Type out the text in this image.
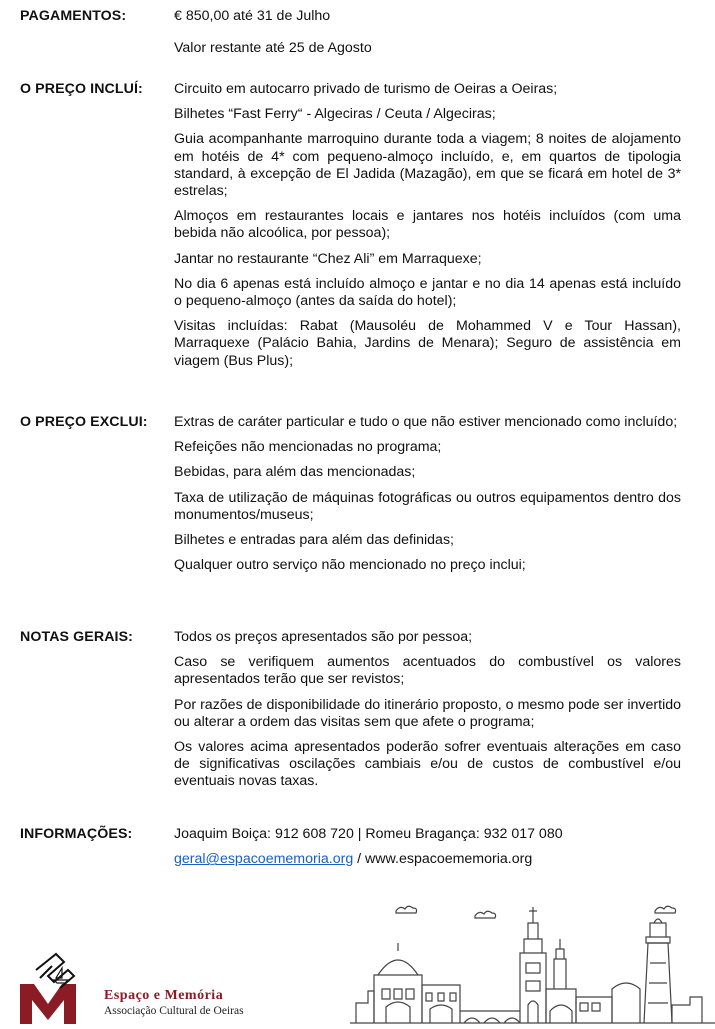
PAGAMENTOS:	€ 850,00 até 31 de Julho

Valor restante até 25 de Agosto

O PREÇO INCLUÍ: Circuito em autocarro privado de turismo de Oeiras a Oeiras;

Bilhetes “Fast Ferry“ - Algeciras / Ceuta / Algeciras;

Guia acompanhante marroquino durante toda a viagem; 8 noites de alojamento em hotéis de 4* com pequeno-almoço incluído, e, em quartos de tipologia standard, à excepção de El Jadida (Mazagão), em que se ficará em hotel de 3* estrelas;

Almoços em restaurantes locais e jantares nos hotéis incluídos (com uma bebida não alcoólica, por pessoa);

Jantar no restaurante “Chez Ali” em Marraquexe;

No dia 6 apenas está incluído almoço e jantar e no dia 14 apenas está incluído o pequeno-almoço (antes da saída do hotel);

Visitas incluídas: Rabat (Mausoléu de Mohammed V e Tour Hassan), Marraquexe (Palácio Bahia, Jardins de Menara); Seguro de assistência em viagem (Bus Plus);

O PREÇO EXCLUI: Extras de caráter particular e tudo o que não estiver mencionado como incluído;

Refeições não mencionadas no programa;

Bebidas, para além das mencionadas;

Taxa de utilização de máquinas fotográficas ou outros equipamentos dentro dos monumentos/museus;

Bilhetes e entradas para além das definidas;

Qualquer outro serviço não mencionado no preço inclui;

NOTAS GERAIS:	Todos os preços apresentados são por pessoa;

Caso se verifiquem aumentos acentuados do combustível os valores apresentados terão que ser revistos;

Por razões de disponibilidade do itinerário proposto, o mesmo pode ser invertido ou alterar a ordem das visitas sem que afete o programa;

Os valores acima apresentados poderão sofrer eventuais alterações em caso de significativas oscilações cambiais e/ou de custos de combustível e/ou eventuais novas taxas.

INFORMAÇÕES:	Joaquim Boiça: 912 608 720 | Romeu Bragança: 932 017 080

geral@espacoememoria.org / www.espacoememoria.org

Espaço e Memória
Associação Cultural de Oeiras
